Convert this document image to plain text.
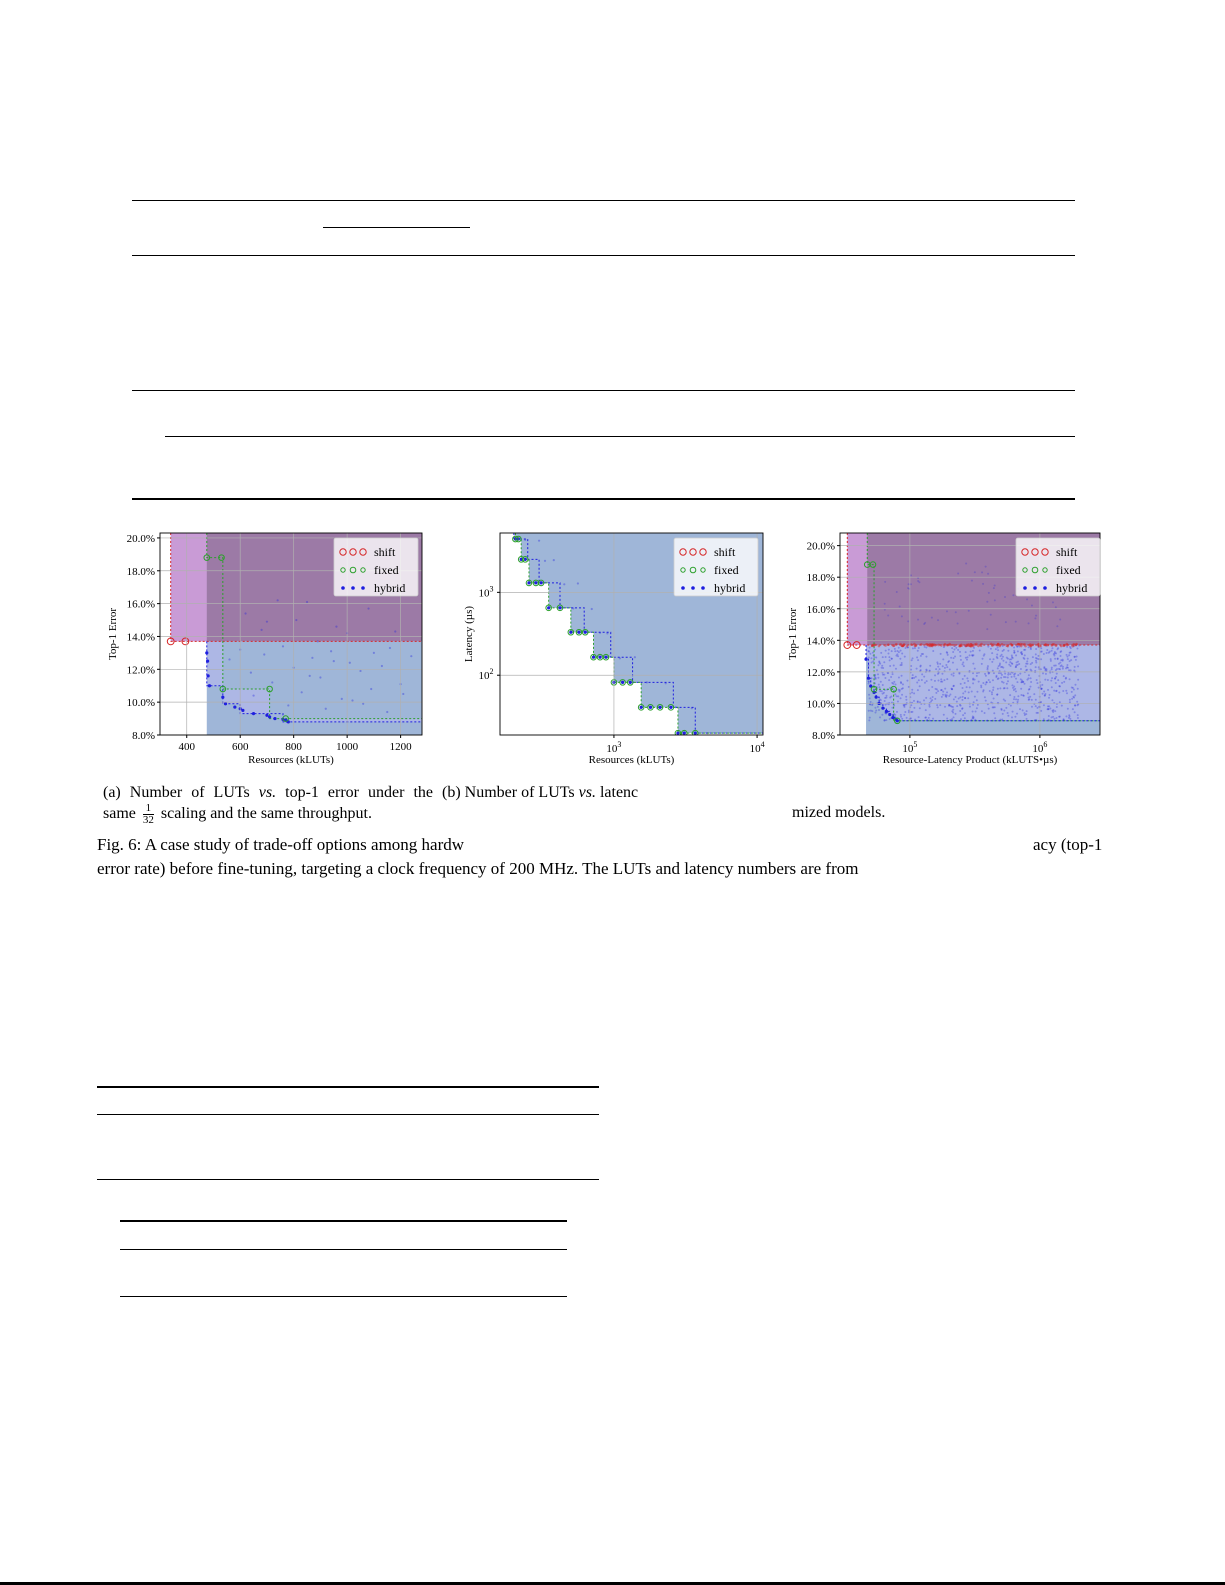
400	600	800	1000	1200
8.0%
10.0%
12.0%
14.0%
16.0%
18.0%
20.0%
Resources (kLUTs)
Top-1 Error
shift
fixed
hybrid
$10^3$	$10^4$
$10^2$
$10^3$
Resources (kLUTs)
Latency (µs)
shift
fixed
hybrid
$10^5$	$10^6$
8.0%
10.0%
12.0%
14.0%
16.0%
18.0%
20.0%
Resource-Latency Product (kLUTS•µs)
Top-1 Error
shift
fixed
hybrid
(a) Number of LUTs vs. top-1 error under the
same $\frac{1}{32}$ scaling and the same throughput.
(b) Number of LUTs vs. latenc
mized models.
Fig. 6: A case study of trade-off options among hardw	acy (top-1
error rate) before fine-tuning, targeting a clock frequency of 200 MHz. The LUTs and latency numbers are from
